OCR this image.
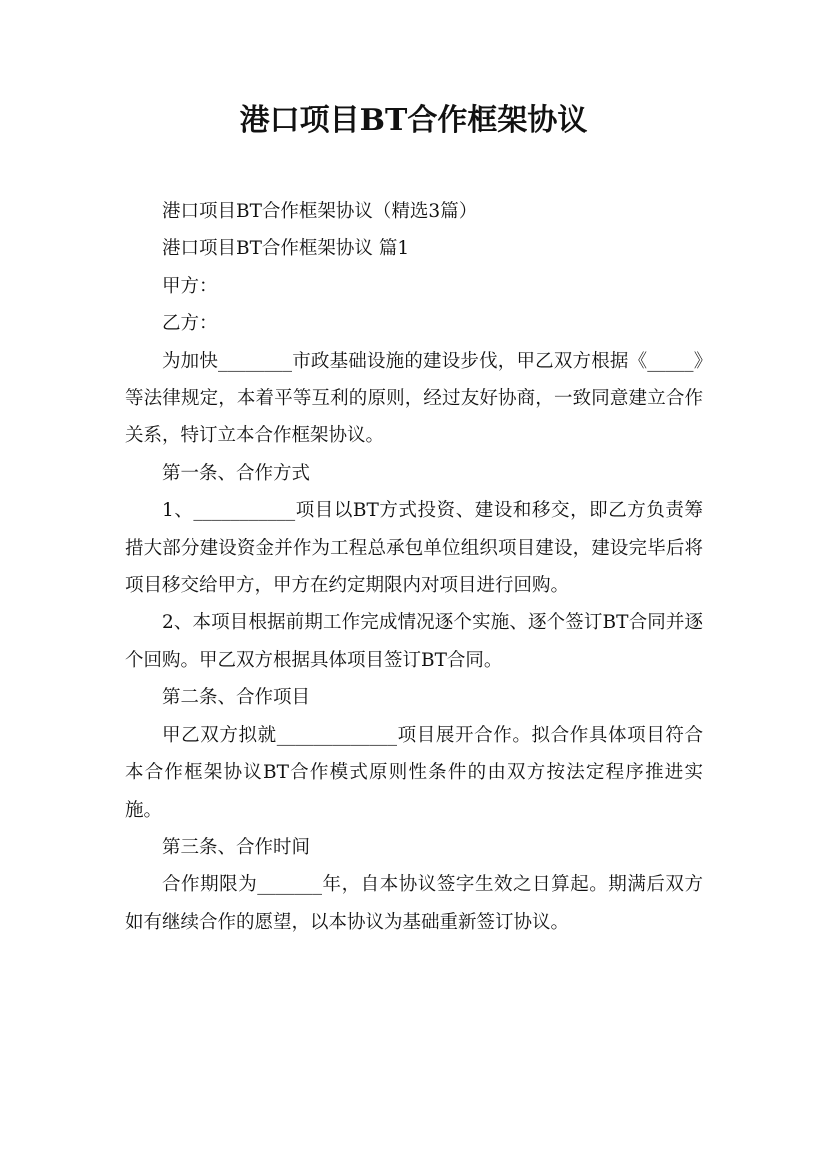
港口项目BT合作框架协议

港口项目BT合作框架协议（精选3篇）

港口项目BT合作框架协议 篇1

甲方：

乙方：

为加快________市政基础设施的建设步伐，甲乙双方根据《_____》等法律规定，本着平等互利的原则，经过友好协商，一致同意建立合作关系，特订立本合作框架协议。

第一条、合作方式

1、___________项目以BT方式投资、建设和移交，即乙方负责筹措大部分建设资金并作为工程总承包单位组织项目建设，建设完毕后将项目移交给甲方，甲方在约定期限内对项目进行回购。

2、本项目根据前期工作完成情况逐个实施、逐个签订BT合同并逐个回购。甲乙双方根据具体项目签订BT合同。

第二条、合作项目

甲乙双方拟就_____________项目展开合作。拟合作具体项目符合本合作框架协议BT合作模式原则性条件的由双方按法定程序推进实施。

第三条、合作时间

合作期限为_______年，自本协议签字生效之日算起。期满后双方如有继续合作的愿望，以本协议为基础重新签订协议。
